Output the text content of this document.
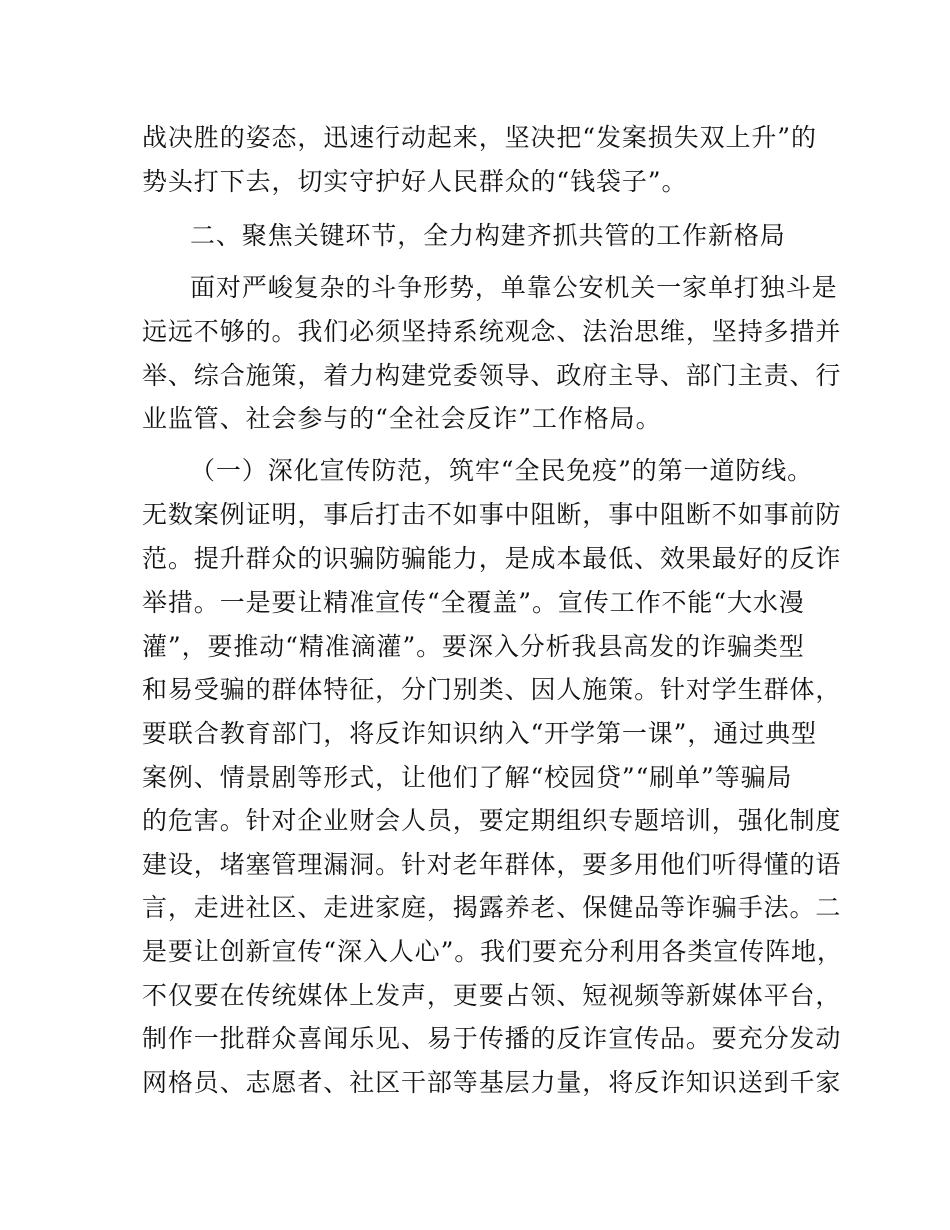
战决胜的姿态，迅速行动起来，坚决把“发案损失双上升”的
势头打下去，切实守护好人民群众的“钱袋子”。
二、聚焦关键环节，全力构建齐抓共管的工作新格局
面对严峻复杂的斗争形势，单靠公安机关一家单打独斗是
远远不够的。我们必须坚持系统观念、法治思维，坚持多措并
举、综合施策，着力构建党委领导、政府主导、部门主责、行
业监管、社会参与的“全社会反诈”工作格局。
（一）深化宣传防范，筑牢“全民免疫”的第一道防线。
无数案例证明，事后打击不如事中阻断，事中阻断不如事前防
范。提升群众的识骗防骗能力，是成本最低、效果最好的反诈
举措。一是要让精准宣传“全覆盖”。宣传工作不能“大水漫
灌”，要推动“精准滴灌”。要深入分析我县高发的诈骗类型
和易受骗的群体特征，分门别类、因人施策。针对学生群体，
要联合教育部门，将反诈知识纳入“开学第一课”，通过典型
案例、情景剧等形式，让他们了解“校园贷”“刷单”等骗局
的危害。针对企业财会人员，要定期组织专题培训，强化制度
建设，堵塞管理漏洞。针对老年群体，要多用他们听得懂的语
言，走进社区、走进家庭，揭露养老、保健品等诈骗手法。二
是要让创新宣传“深入人心”。我们要充分利用各类宣传阵地，
不仅要在传统媒体上发声，更要占领、短视频等新媒体平台，
制作一批群众喜闻乐见、易于传播的反诈宣传品。要充分发动
网格员、志愿者、社区干部等基层力量，将反诈知识送到千家
